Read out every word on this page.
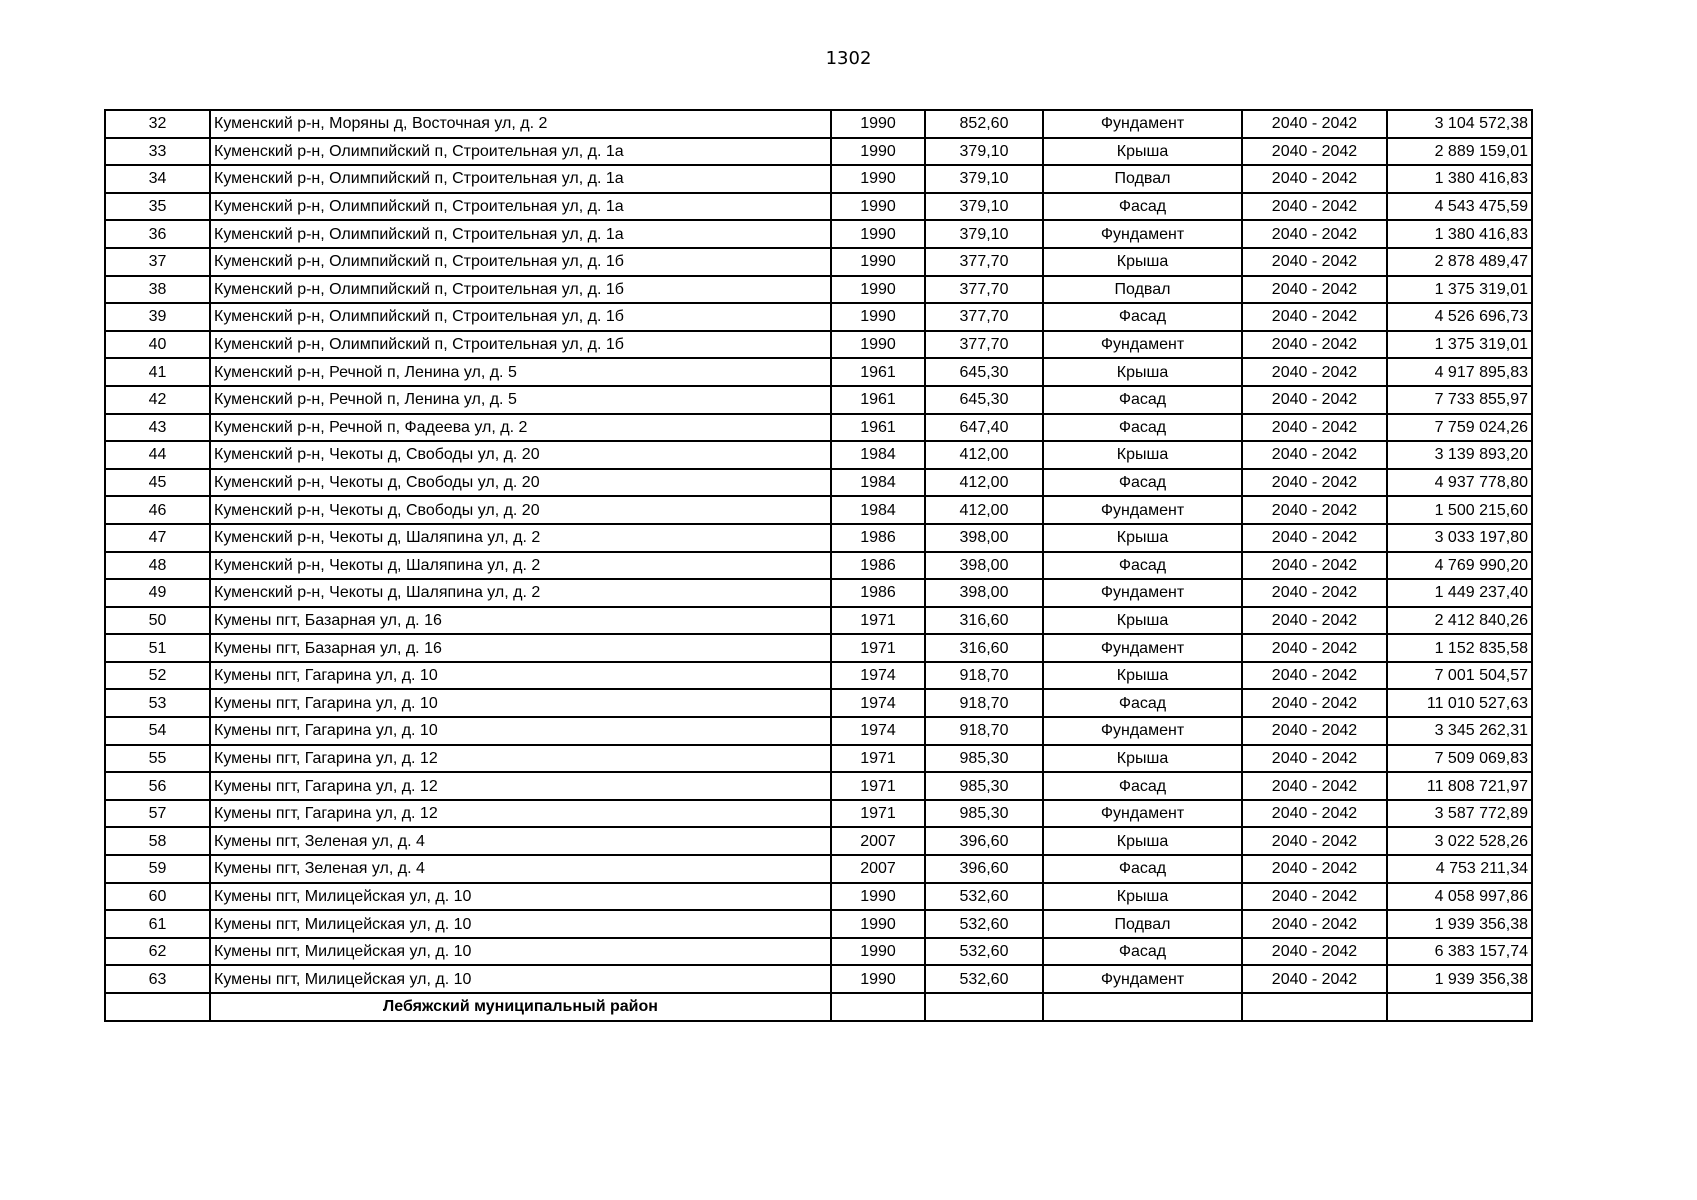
1302
32	Куменский р-н, Моряны д, Восточная ул, д. 2	1990	852,60	Фундамент	2040 - 2042	3 104 572,38
33	Куменский р-н, Олимпийский п, Строительная ул, д. 1а	1990	379,10	Крыша	2040 - 2042	2 889 159,01
34	Куменский р-н, Олимпийский п, Строительная ул, д. 1а	1990	379,10	Подвал	2040 - 2042	1 380 416,83
35	Куменский р-н, Олимпийский п, Строительная ул, д. 1а	1990	379,10	Фасад	2040 - 2042	4 543 475,59
36	Куменский р-н, Олимпийский п, Строительная ул, д. 1а	1990	379,10	Фундамент	2040 - 2042	1 380 416,83
37	Куменский р-н, Олимпийский п, Строительная ул, д. 1б	1990	377,70	Крыша	2040 - 2042	2 878 489,47
38	Куменский р-н, Олимпийский п, Строительная ул, д. 1б	1990	377,70	Подвал	2040 - 2042	1 375 319,01
39	Куменский р-н, Олимпийский п, Строительная ул, д. 1б	1990	377,70	Фасад	2040 - 2042	4 526 696,73
40	Куменский р-н, Олимпийский п, Строительная ул, д. 1б	1990	377,70	Фундамент	2040 - 2042	1 375 319,01
41	Куменский р-н, Речной п, Ленина ул, д. 5	1961	645,30	Крыша	2040 - 2042	4 917 895,83
42	Куменский р-н, Речной п, Ленина ул, д. 5	1961	645,30	Фасад	2040 - 2042	7 733 855,97
43	Куменский р-н, Речной п, Фадеева ул, д. 2	1961	647,40	Фасад	2040 - 2042	7 759 024,26
44	Куменский р-н, Чекоты д, Свободы ул, д. 20	1984	412,00	Крыша	2040 - 2042	3 139 893,20
45	Куменский р-н, Чекоты д, Свободы ул, д. 20	1984	412,00	Фасад	2040 - 2042	4 937 778,80
46	Куменский р-н, Чекоты д, Свободы ул, д. 20	1984	412,00	Фундамент	2040 - 2042	1 500 215,60
47	Куменский р-н, Чекоты д, Шаляпина ул, д. 2	1986	398,00	Крыша	2040 - 2042	3 033 197,80
48	Куменский р-н, Чекоты д, Шаляпина ул, д. 2	1986	398,00	Фасад	2040 - 2042	4 769 990,20
49	Куменский р-н, Чекоты д, Шаляпина ул, д. 2	1986	398,00	Фундамент	2040 - 2042	1 449 237,40
50	Кумены пгт, Базарная ул, д. 16	1971	316,60	Крыша	2040 - 2042	2 412 840,26
51	Кумены пгт, Базарная ул, д. 16	1971	316,60	Фундамент	2040 - 2042	1 152 835,58
52	Кумены пгт, Гагарина ул, д. 10	1974	918,70	Крыша	2040 - 2042	7 001 504,57
53	Кумены пгт, Гагарина ул, д. 10	1974	918,70	Фасад	2040 - 2042	11 010 527,63
54	Кумены пгт, Гагарина ул, д. 10	1974	918,70	Фундамент	2040 - 2042	3 345 262,31
55	Кумены пгт, Гагарина ул, д. 12	1971	985,30	Крыша	2040 - 2042	7 509 069,83
56	Кумены пгт, Гагарина ул, д. 12	1971	985,30	Фасад	2040 - 2042	11 808 721,97
57	Кумены пгт, Гагарина ул, д. 12	1971	985,30	Фундамент	2040 - 2042	3 587 772,89
58	Кумены пгт, Зеленая ул, д. 4	2007	396,60	Крыша	2040 - 2042	3 022 528,26
59	Кумены пгт, Зеленая ул, д. 4	2007	396,60	Фасад	2040 - 2042	4 753 211,34
60	Кумены пгт, Милицейская ул, д. 10	1990	532,60	Крыша	2040 - 2042	4 058 997,86
61	Кумены пгт, Милицейская ул, д. 10	1990	532,60	Подвал	2040 - 2042	1 939 356,38
62	Кумены пгт, Милицейская ул, д. 10	1990	532,60	Фасад	2040 - 2042	6 383 157,74
63	Кумены пгт, Милицейская ул, д. 10	1990	532,60	Фундамент	2040 - 2042	1 939 356,38
	Лебяжский муниципальный район					
